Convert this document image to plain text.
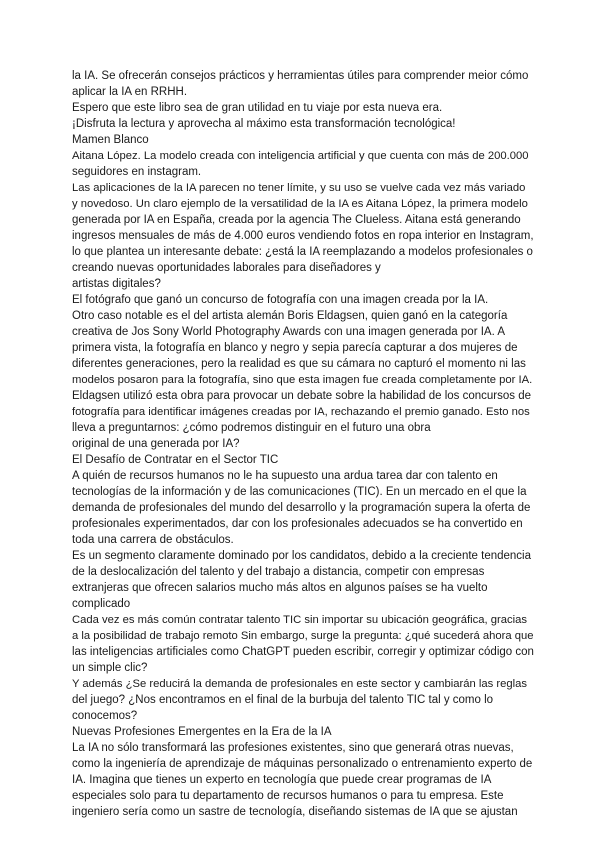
la IA. Se ofrecerán consejos prácticos y herramientas útiles para comprender meior cómo

aplicar la IA en RRHH.

Espero que este libro sea de gran utilidad en tu viaje por esta nueva era.

¡Disfruta la lectura y aprovecha al máximo esta transformación tecnológica!

Mamen Blanco

Aitana López. La modelo creada con inteligencia artificial y que cuenta con más de 200.000

seguidores en instagram.

Las aplicaciones de la IA parecen no tener límite, y su uso se vuelve cada vez más variado

y novedoso. Un claro ejemplo de la versatilidad de la IA es Aitana López, la primera modelo

generada por IA en España, creada por la agencia The Clueless. Aitana está generando

ingresos mensuales de más de 4.000 euros vendiendo fotos en ropa interior en Instagram,

lo que plantea un interesante debate: ¿está la IA reemplazando a modelos profesionales o

creando nuevas oportunidades laborales para diseñadores y

artistas digitales?

El fotógrafo que ganó un concurso de fotografía con una imagen creada por la IA.

Otro caso notable es el del artista alemán Boris Eldagsen, quien ganó en la categoría

creativa de Jos Sony World Photography Awards con una imagen generada por IA. A

primera vista, la fotografía en blanco y negro y sepia parecía capturar a dos mujeres de

diferentes generaciones, pero la realidad es que su cámara no capturó el momento ni las

modelos posaron para la fotografía, sino que esta imagen fue creada completamente por IA.

Eldagsen utilizó esta obra para provocar un debate sobre la habilidad de los concursos de

fotografía para identificar imágenes creadas por IA, rechazando el premio ganado. Esto nos

lleva a preguntarnos: ¿cómo podremos distinguir en el futuro una obra

original de una generada por IA?

El Desafío de Contratar en el Sector TIC

A quién de recursos humanos no le ha supuesto una ardua tarea dar con talento en

tecnologías de la información y de las comunicaciones (TIC). En un mercado en el que la

demanda de profesionales del mundo del desarrollo y la programación supera la oferta de

profesionales experimentados, dar con los profesionales adecuados se ha convertido en

toda una carrera de obstáculos.

Es un segmento claramente dominado por los candidatos, debido a la creciente tendencia

de la deslocalización del talento y del trabajo a distancia, competir con empresas

extranjeras que ofrecen salarios mucho más altos en algunos países se ha vuelto

complicado

Cada vez es más común contratar talento TIC sin importar su ubicación geográfica, gracias

a la posibilidad de trabajo remoto Sin embargo, surge la pregunta: ¿qué sucederá ahora que

las inteligencias artificiales como ChatGPT pueden escribir, corregir y optimizar código con

un simple clic?

Y además ¿Se reducirá la demanda de profesionales en este sector y cambiarán las reglas

del juego? ¿Nos encontramos en el final de la burbuja del talento TIC tal y como lo

conocemos?

Nuevas Profesiones Emergentes en la Era de la IA

La IA no sólo transformará las profesiones existentes, sino que generará otras nuevas,

como la ingeniería de aprendizaje de máquinas personalizado o entrenamiento experto de

IA. Imagina que tienes un experto en tecnología que puede crear programas de IA

especiales solo para tu departamento de recursos humanos o para tu empresa. Este

ingeniero sería como un sastre de tecnología, diseñando sistemas de IA que se ajustan
